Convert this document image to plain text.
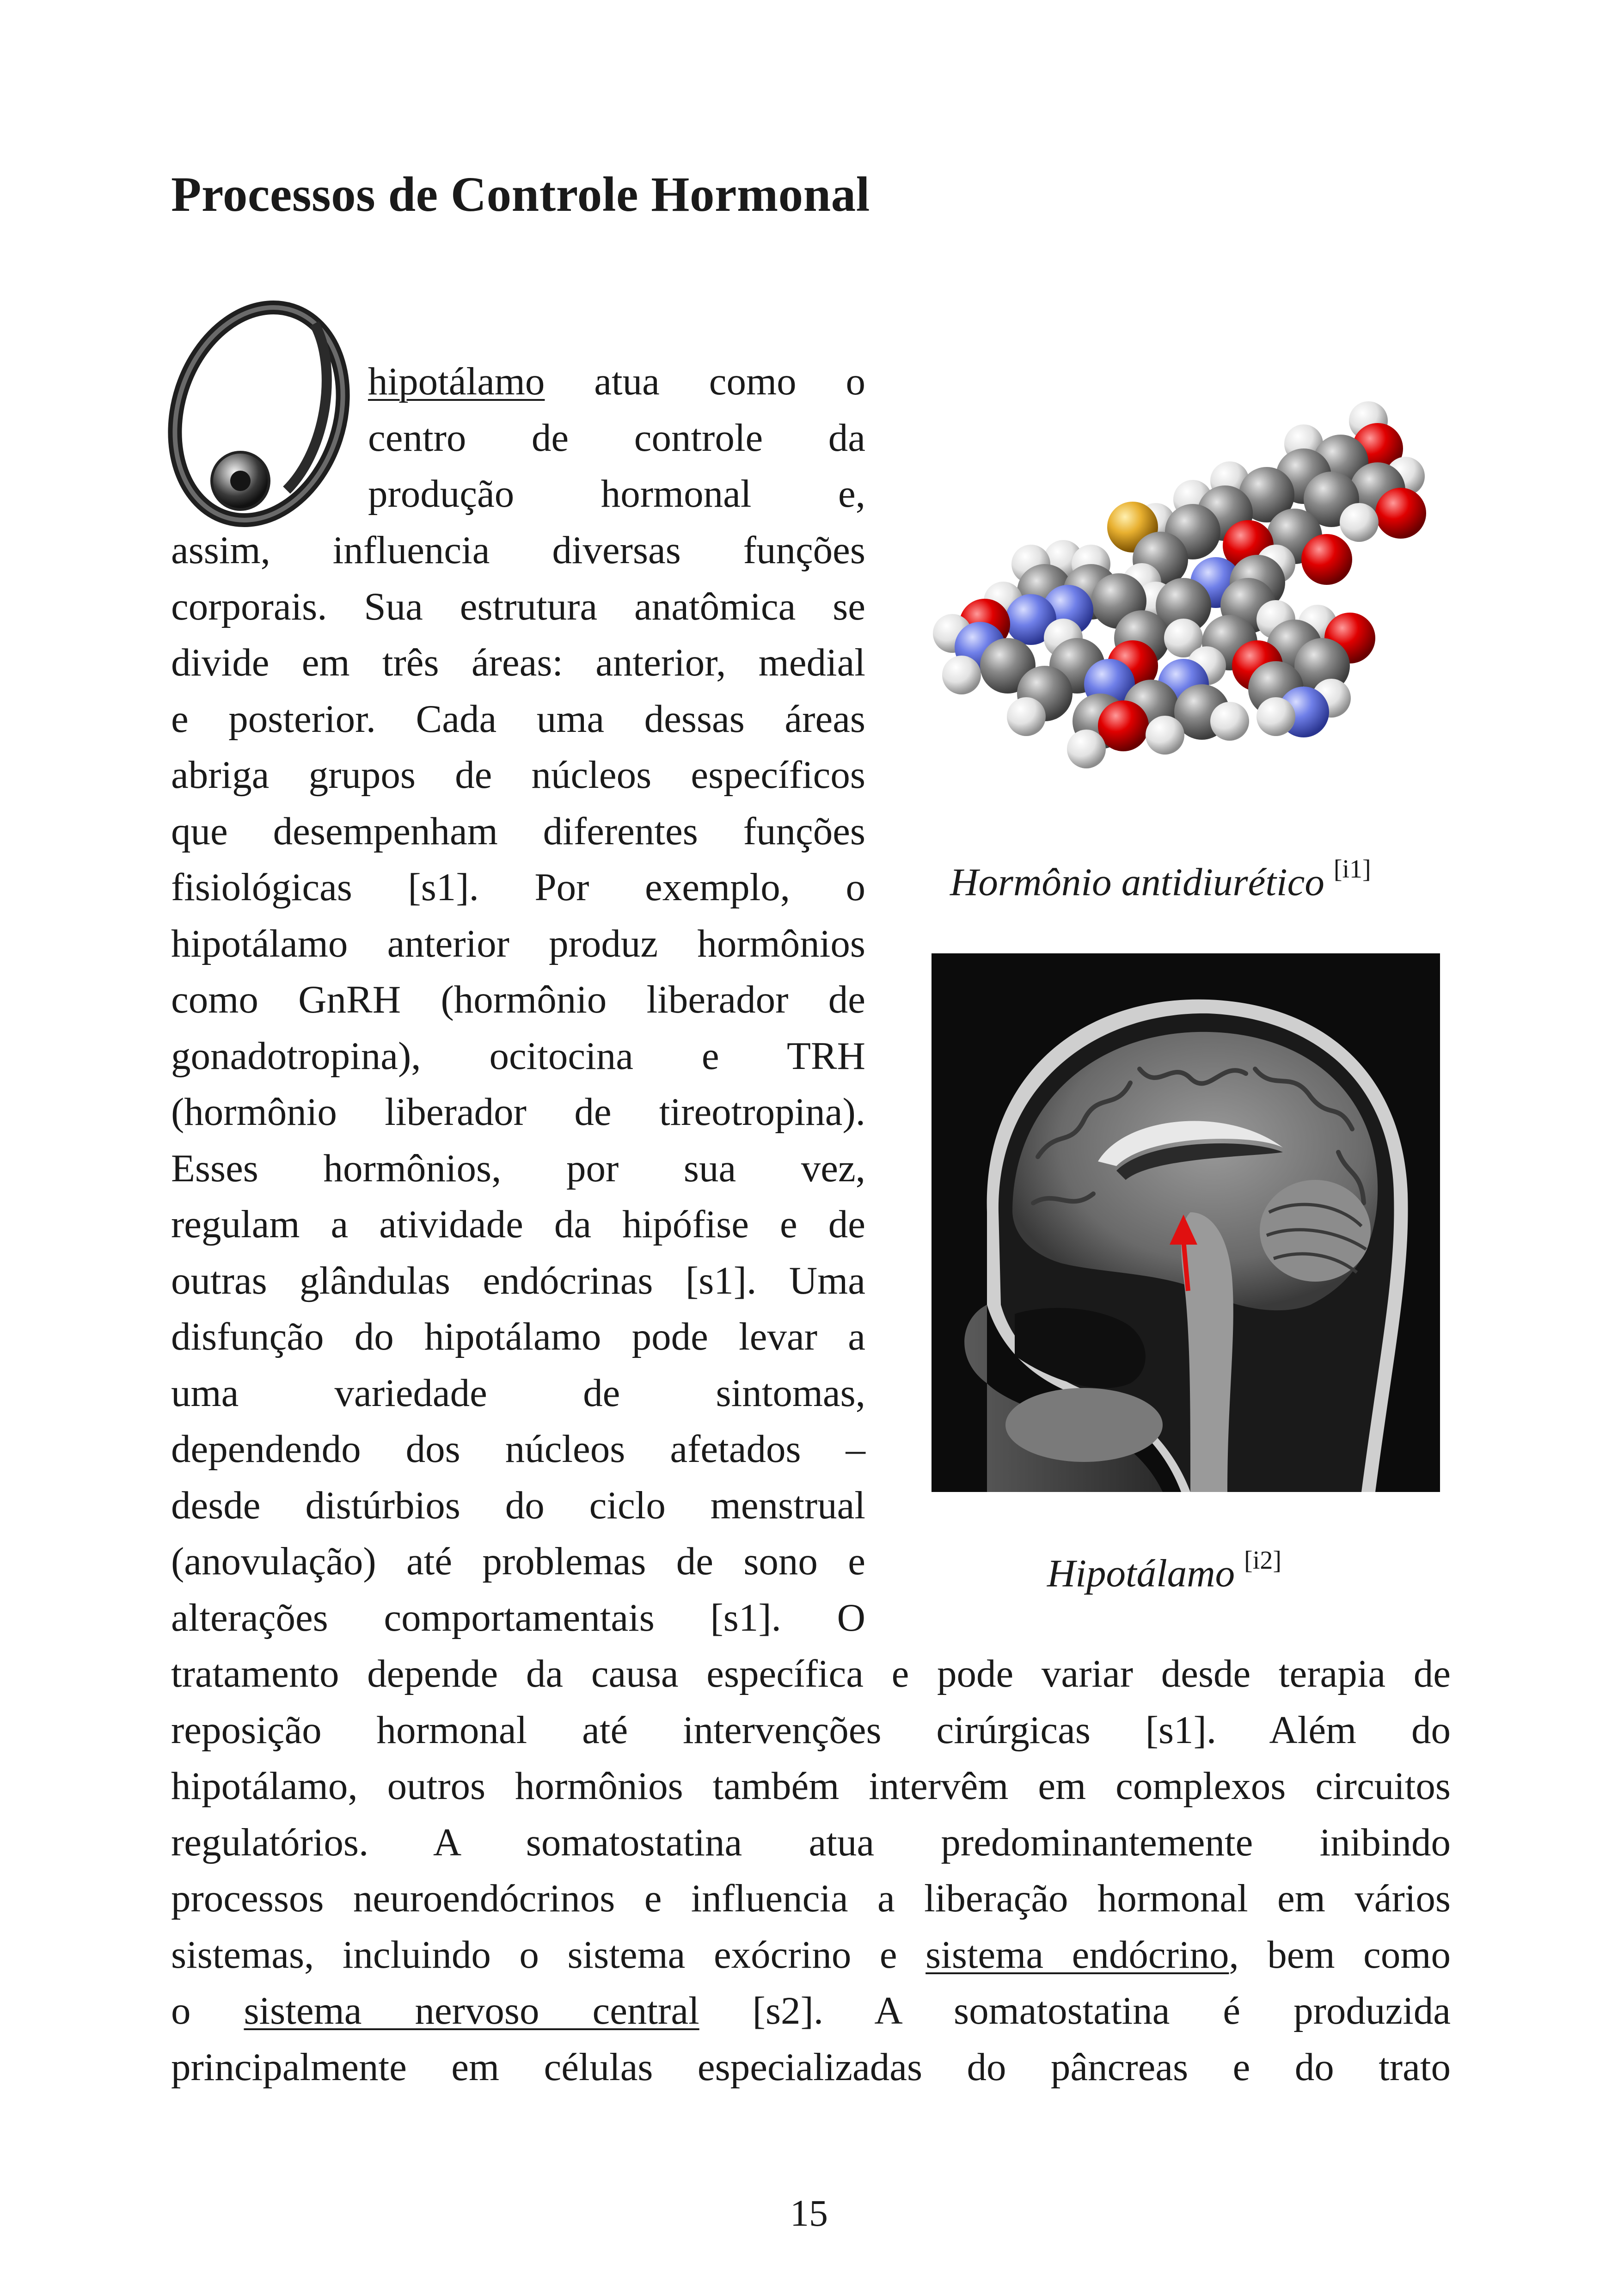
Processos de Controle Hormonal
hipotálamo atua como o
centro de controle da
produção hormonal e,
assim, influencia diversas funções
corporais. Sua estrutura anatômica se
divide em três áreas: anterior, medial
e posterior. Cada uma dessas áreas
abriga grupos de núcleos específicos
que desempenham diferentes funções
fisiológicas [s1]. Por exemplo, o
hipotálamo anterior produz hormônios
como GnRH (hormônio liberador de
gonadotropina), ocitocina e TRH
(hormônio liberador de tireotropina).
Esses hormônios, por sua vez,
regulam a atividade da hipófise e de
outras glândulas endócrinas [s1]. Uma
disfunção do hipotálamo pode levar a
uma variedade de sintomas,
dependendo dos núcleos afetados –
desde distúrbios do ciclo menstrual
(anovulação) até problemas de sono e
alterações comportamentais [s1]. O
tratamento depende da causa específica e pode variar desde terapia de
reposição hormonal até intervenções cirúrgicas [s1]. Além do
hipotálamo, outros hormônios também intervêm em complexos circuitos
regulatórios. A somatostatina atua predominantemente inibindo
processos neuroendócrinos e influencia a liberação hormonal em vários
sistemas, incluindo o sistema exócrino e sistema endócrino, bem como
o sistema nervoso central [s2]. A somatostatina é produzida
principalmente em células especializadas do pâncreas e do trato
Hormônio antidiurético [i1]
Hipotálamo [i2]
15
